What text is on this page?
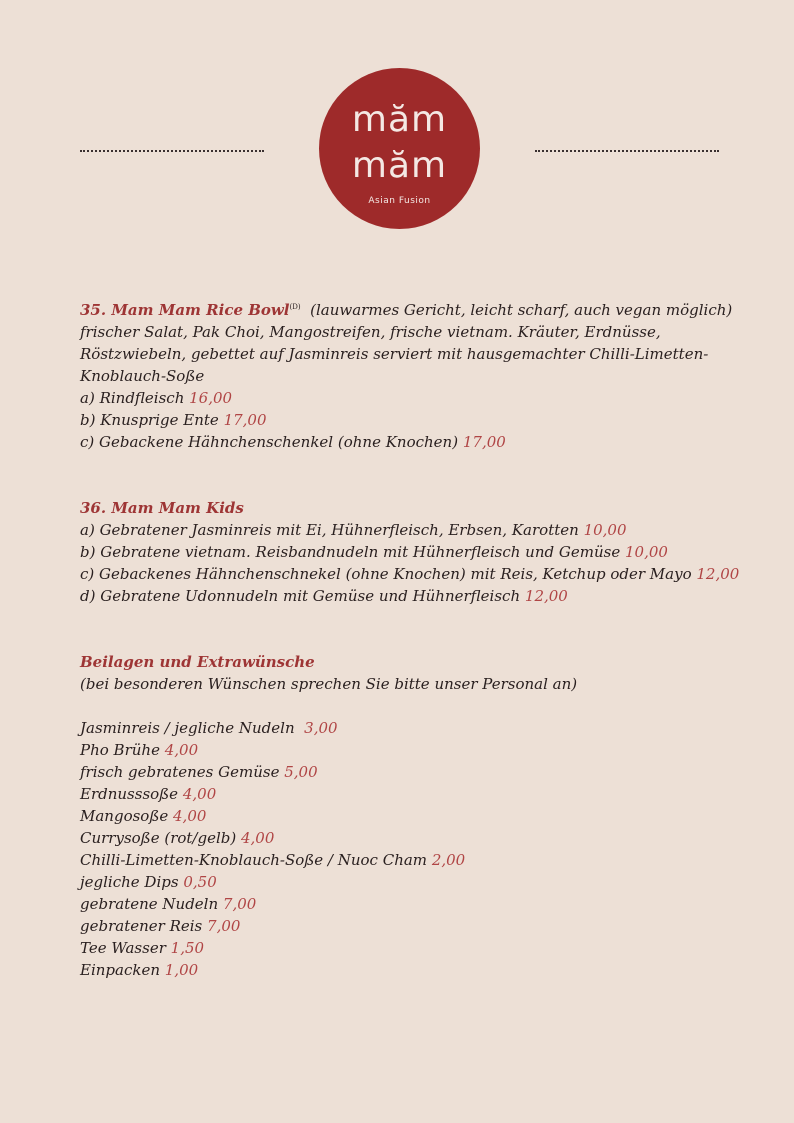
măm
măm
Asian Fusion
35. Mam Mam Rice Bowl$^{(D)}$ (lauwarmes Gericht, leicht scharf, auch vegan möglich)
frischer Salat, Pak Choi, Mangostreifen, frische vietnam. Kräuter, Erdnüsse, Röstzwiebeln, gebettet auf Jasminreis serviert mit hausgemachter Chilli-Limetten-Knoblauch-Soße
a) Rindfleisch 16,00
b) Knusprige Ente 17,00
c) Gebackene Hähnchenschenkel (ohne Knochen) 17,00
36. Mam Mam Kids
a) Gebratener Jasminreis mit Ei, Hühnerfleisch, Erbsen, Karotten 10,00
b) Gebratene vietnam. Reisbandnudeln mit Hühnerfleisch und Gemüse 10,00
c) Gebackenes Hähnchenschnekel (ohne Knochen) mit Reis, Ketchup oder Mayo 12,00
d) Gebratene Udonnudeln mit Gemüse und Hühnerfleisch 12,00
Beilagen und Extrawünsche
(bei besonderen Wünschen sprechen Sie bitte unser Personal an)
Jasminreis / jegliche Nudeln  3,00
Pho Brühe 4,00
frisch gebratenes Gemüse 5,00
Erdnusssoße 4,00
Mangosoße 4,00
Currysoße (rot/gelb) 4,00
Chilli-Limetten-Knoblauch-Soße / Nuoc Cham 2,00
jegliche Dips 0,50
gebratene Nudeln 7,00
gebratener Reis 7,00
Tee Wasser 1,50
Einpacken 1,00
